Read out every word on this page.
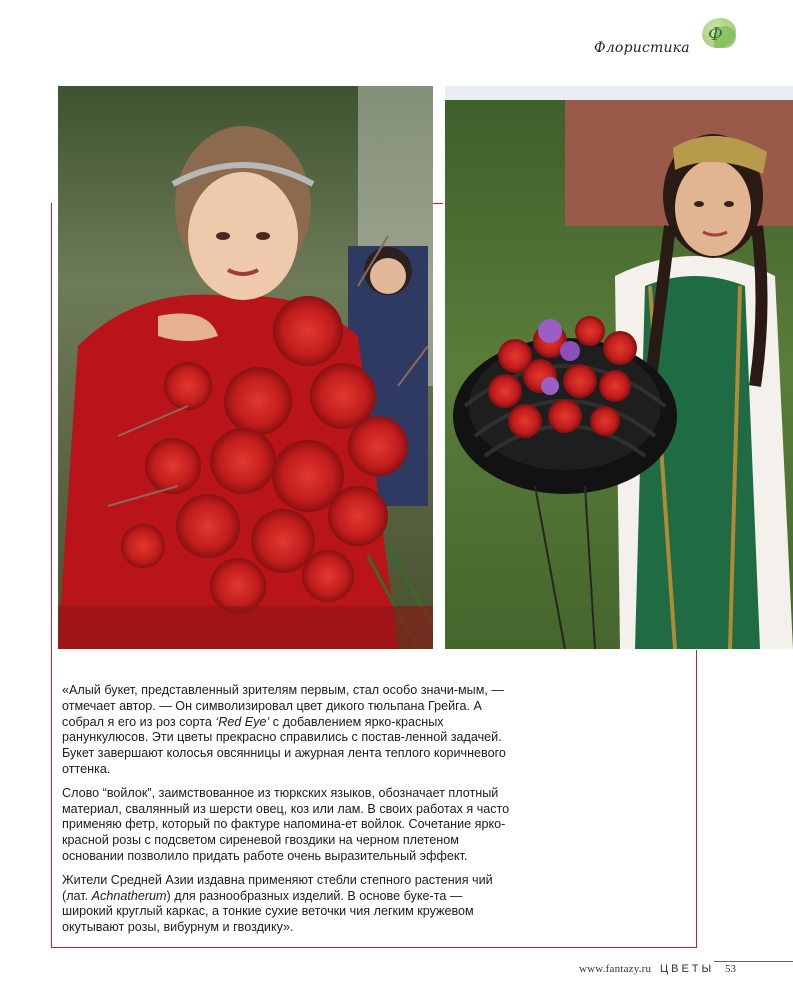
Ф
Флористика

«Алый букет, представленный зрителям первым, стал особо значи-мым, — отмечает автор. — Он символизировал цвет дикого тюльпана Грейга. А собрал я его из роз сорта ‘Red Eye’ с добавлением ярко-красных ранункулюсов. Эти цветы прекрасно справились с постав-ленной задачей. Букет завершают колосья овсянницы и ажурная лента теплого коричневого оттенка.

Слово “войлок”, заимствованное из тюркских языков, обозначает плотный материал, свалянный из шерсти овец, коз или лам. В своих работах я часто применяю фетр, который по фактуре напомина-ет войлок. Сочетание ярко-красной розы с подсветом сиреневой гвоздики на черном плетеном основании позволило придать работе очень выразительный эффект.

Жители Средней Азии издавна применяют стебли степного растения чий (лат. Achnatherum) для разнообразных изделий. В основе буке-та — широкий круглый каркас, а тонкие сухие веточки чия легким кружевом окутывают розы, вибурнум и гвоздику».

www.fantazy.ru ЦВЕТЫ 53
